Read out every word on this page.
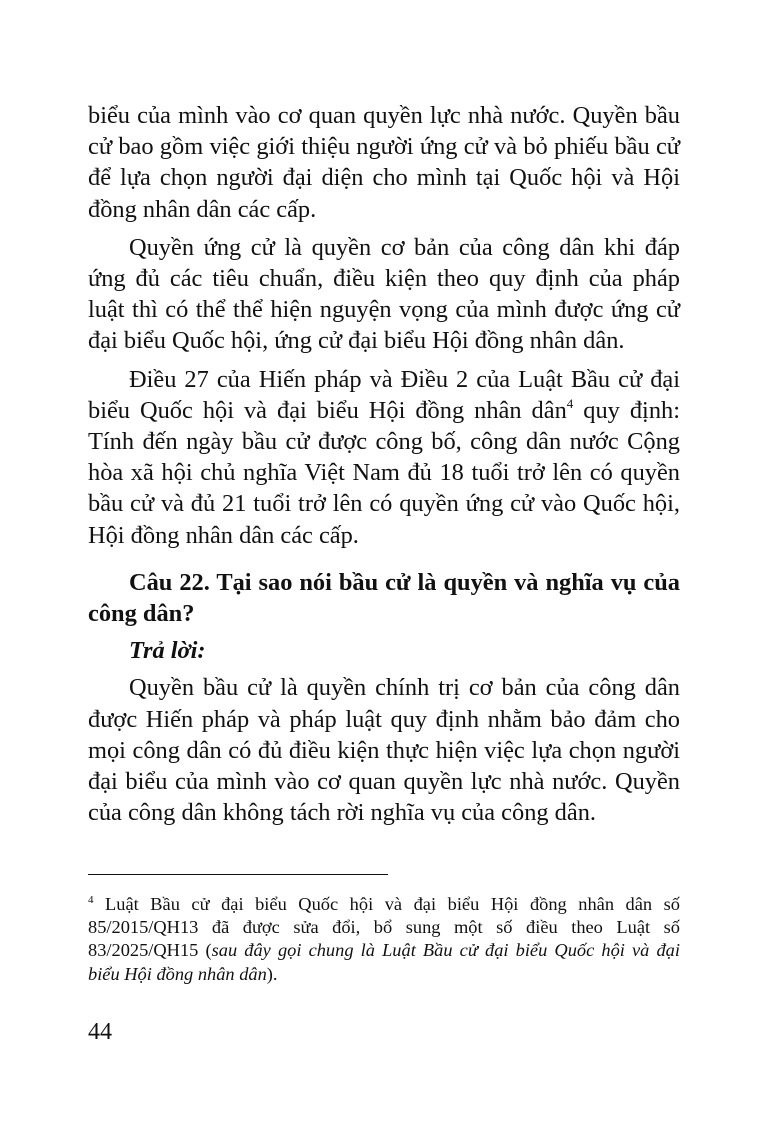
biểu của mình vào cơ quan quyền lực nhà nước. Quyền bầu cử bao gồm việc giới thiệu người ứng cử và bỏ phiếu bầu cử để lựa chọn người đại diện cho mình tại Quốc hội và Hội đồng nhân dân các cấp.

Quyền ứng cử là quyền cơ bản của công dân khi đáp ứng đủ các tiêu chuẩn, điều kiện theo quy định của pháp luật thì có thể thể hiện nguyện vọng của mình được ứng cử đại biểu Quốc hội, ứng cử đại biểu Hội đồng nhân dân.

Điều 27 của Hiến pháp và Điều 2 của Luật Bầu cử đại biểu Quốc hội và đại biểu Hội đồng nhân dân$^4$ quy định: Tính đến ngày bầu cử được công bố, công dân nước Cộng hòa xã hội chủ nghĩa Việt Nam đủ 18 tuổi trở lên có quyền bầu cử và đủ 21 tuổi trở lên có quyền ứng cử vào Quốc hội, Hội đồng nhân dân các cấp.

Câu 22. Tại sao nói bầu cử là quyền và nghĩa vụ của công dân?

Trả lời:

Quyền bầu cử là quyền chính trị cơ bản của công dân được Hiến pháp và pháp luật quy định nhằm bảo đảm cho mọi công dân có đủ điều kiện thực hiện việc lựa chọn người đại biểu của mình vào cơ quan quyền lực nhà nước. Quyền của công dân không tách rời nghĩa vụ của công dân.

$^4$ Luật Bầu cử đại biểu Quốc hội và đại biểu Hội đồng nhân dân số 85/2015/QH13 đã được sửa đổi, bổ sung một số điều theo Luật số 83/2025/QH15 (sau đây gọi chung là Luật Bầu cử đại biểu Quốc hội và đại biểu Hội đồng nhân dân).

44
